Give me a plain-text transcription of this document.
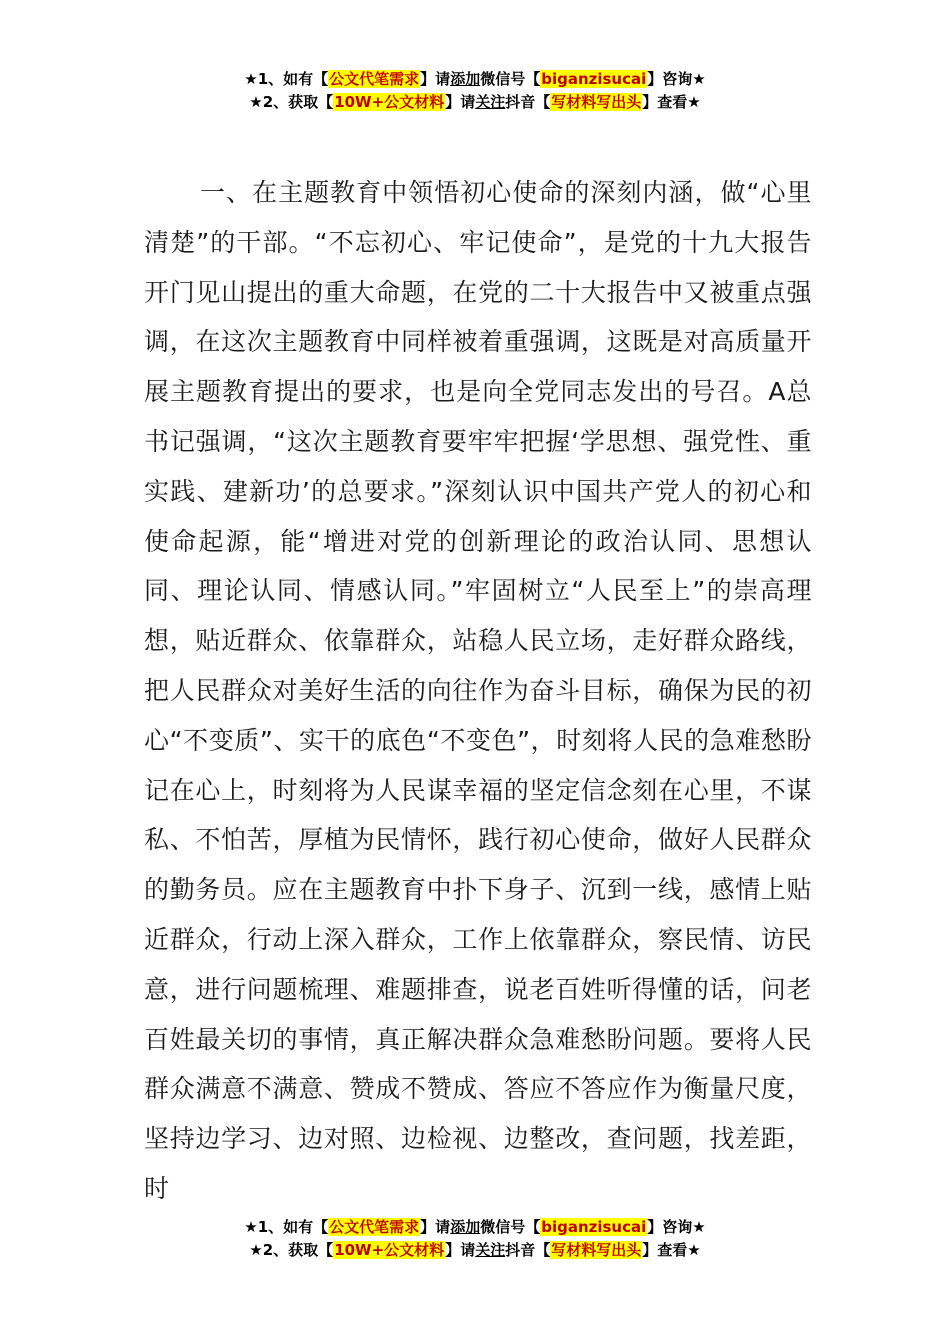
★1、如有【公文代笔需求】请添加微信号【biganzisucai】咨询★
★2、获取【10W+公文材料】请关注抖音【写材料写出头】查看★

一、在主题教育中领悟初心使命的深刻内涵，做“心里清楚”的干部。“不忘初心、牢记使命”，是党的十九大报告开门见山提出的重大命题，在党的二十大报告中又被重点强调，在这次主题教育中同样被着重强调，这既是对高质量开展主题教育提出的要求，也是向全党同志发出的号召。A总书记强调，“这次主题教育要牢牢把握‘学思想、强党性、重实践、建新功’的总要求。”深刻认识中国共产党人的初心和使命起源，能“增进对党的创新理论的政治认同、思想认同、理论认同、情感认同。”牢固树立“人民至上”的崇高理想，贴近群众、依靠群众，站稳人民立场，走好群众路线，把人民群众对美好生活的向往作为奋斗目标，确保为民的初心“不变质”、实干的底色“不变色”，时刻将人民的急难愁盼记在心上，时刻将为人民谋幸福的坚定信念刻在心里，不谋私、不怕苦，厚植为民情怀，践行初心使命，做好人民群众的勤务员。应在主题教育中扑下身子、沉到一线，感情上贴近群众，行动上深入群众，工作上依靠群众，察民情、访民意，进行问题梳理、难题排查，说老百姓听得懂的话，问老百姓最关切的事情，真正解决群众急难愁盼问题。要将人民群众满意不满意、赞成不赞成、答应不答应作为衡量尺度，坚持边学习、边对照、边检视、边整改，查问题，找差距，时

★1、如有【公文代笔需求】请添加微信号【biganzisucai】咨询★
★2、获取【10W+公文材料】请关注抖音【写材料写出头】查看★
